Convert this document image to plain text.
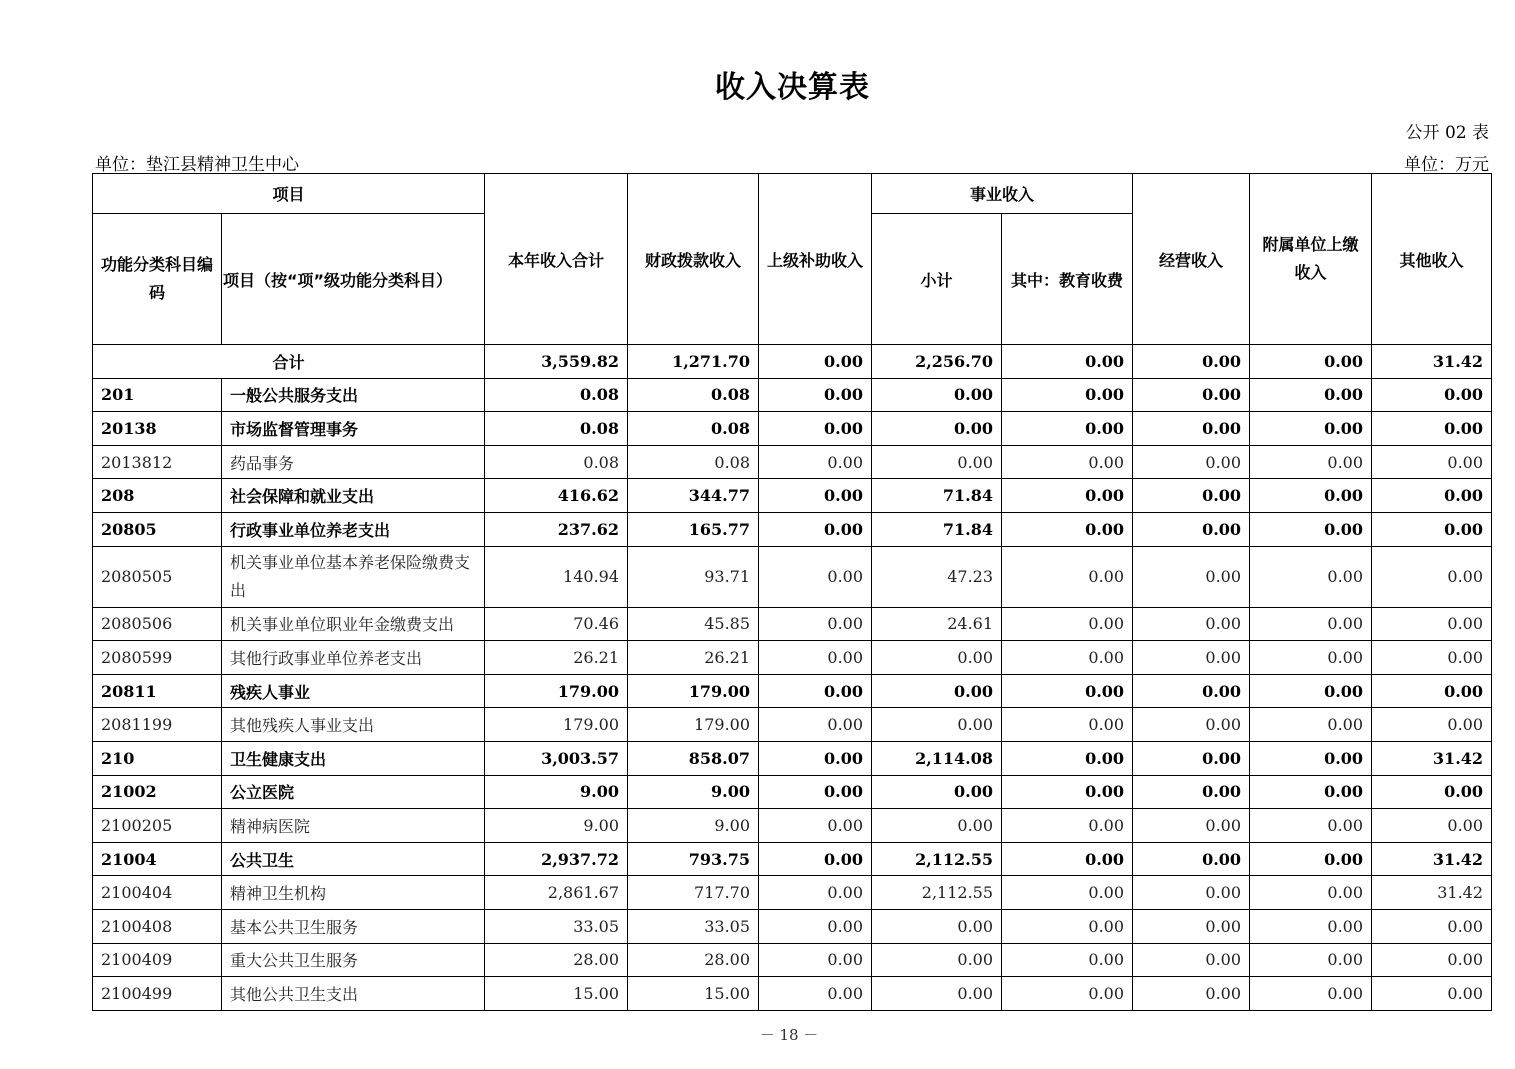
收入决算表
公开 02 表
单位：垫江县精神卫生中心	单位：万元
项目		本年收入合计	财政拨款收入	上级补助收入	事业收入		经营收入	附属单位上缴收入	其他收入
功能分类科目编码	项目（按“项”级功能分类科目）				小计	其中：教育收费			
合计		3,559.82	1,271.70	0.00	2,256.70	0.00	0.00	0.00	31.42
201	一般公共服务支出	0.08	0.08	0.00	0.00	0.00	0.00	0.00	0.00
20138	市场监督管理事务	0.08	0.08	0.00	0.00	0.00	0.00	0.00	0.00
2013812	药品事务	0.08	0.08	0.00	0.00	0.00	0.00	0.00	0.00
208	社会保障和就业支出	416.62	344.77	0.00	71.84	0.00	0.00	0.00	0.00
20805	行政事业单位养老支出	237.62	165.77	0.00	71.84	0.00	0.00	0.00	0.00
2080505	机关事业单位基本养老保险缴费支出	140.94	93.71	0.00	47.23	0.00	0.00	0.00	0.00
2080506	机关事业单位职业年金缴费支出	70.46	45.85	0.00	24.61	0.00	0.00	0.00	0.00
2080599	其他行政事业单位养老支出	26.21	26.21	0.00	0.00	0.00	0.00	0.00	0.00
20811	残疾人事业	179.00	179.00	0.00	0.00	0.00	0.00	0.00	0.00
2081199	其他残疾人事业支出	179.00	179.00	0.00	0.00	0.00	0.00	0.00	0.00
210	卫生健康支出	3,003.57	858.07	0.00	2,114.08	0.00	0.00	0.00	31.42
21002	公立医院	9.00	9.00	0.00	0.00	0.00	0.00	0.00	0.00
2100205	精神病医院	9.00	9.00	0.00	0.00	0.00	0.00	0.00	0.00
21004	公共卫生	2,937.72	793.75	0.00	2,112.55	0.00	0.00	0.00	31.42
2100404	精神卫生机构	2,861.67	717.70	0.00	2,112.55	0.00	0.00	0.00	31.42
2100408	基本公共卫生服务	33.05	33.05	0.00	0.00	0.00	0.00	0.00	0.00
2100409	重大公共卫生服务	28.00	28.00	0.00	0.00	0.00	0.00	0.00	0.00
2100499	其他公共卫生支出	15.00	15.00	0.00	0.00	0.00	0.00	0.00	0.00
－ 18 －
